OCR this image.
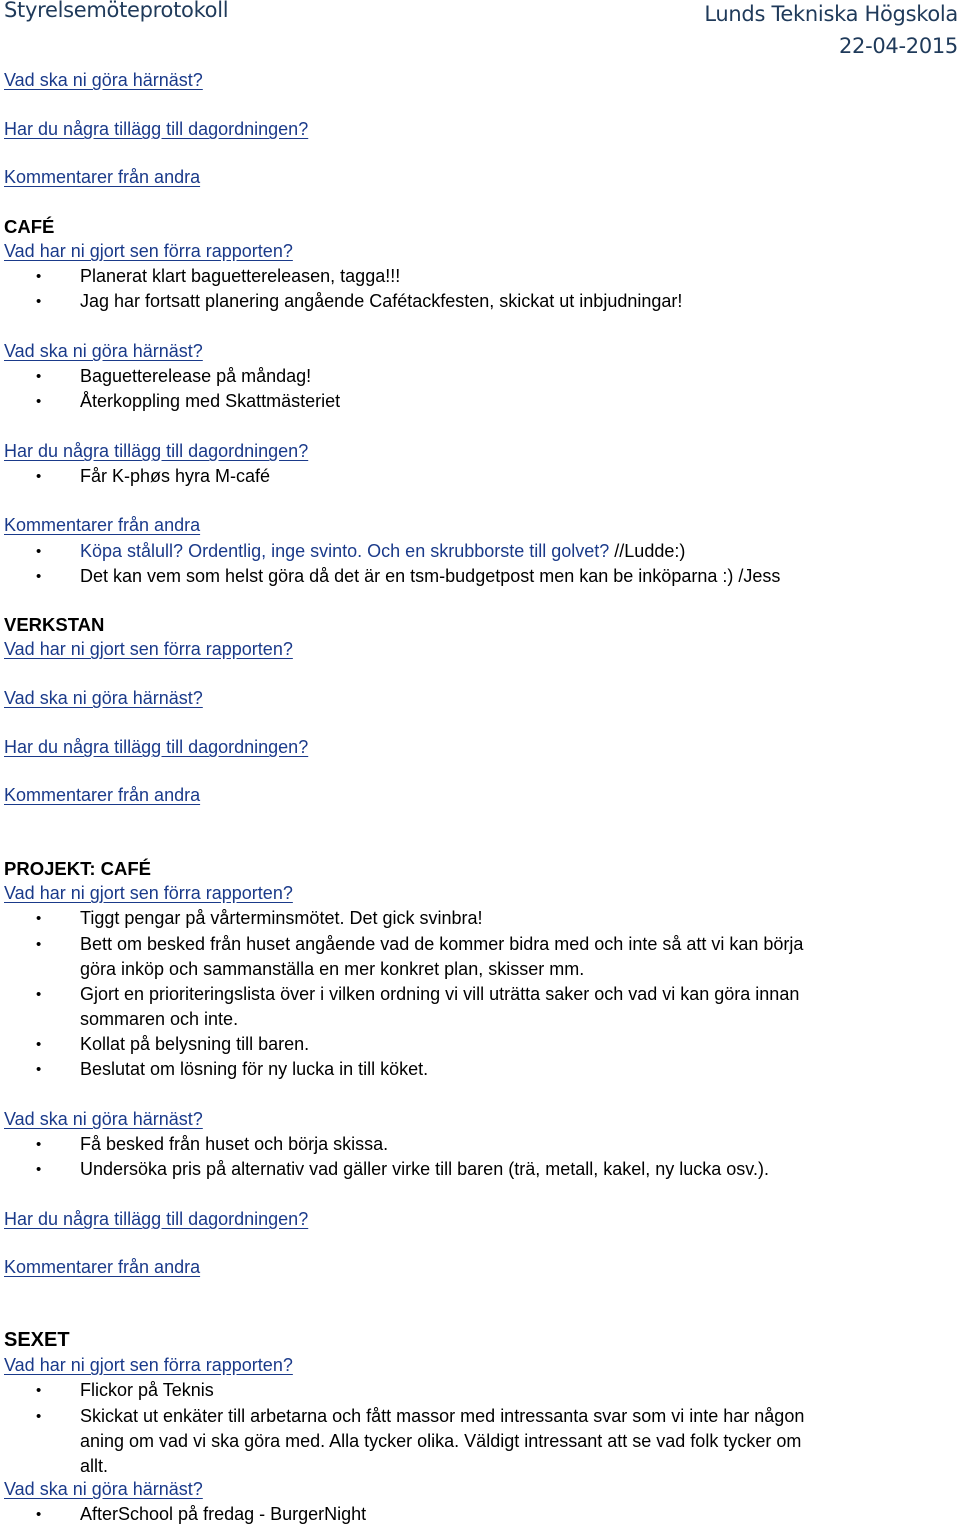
Styrelsemöteprotokoll	Lunds Tekniska Högskola
22-04-2015
Vad ska ni göra härnäst?
Har du några tillägg till dagordningen?
Kommentarer från andra
CAFÉ
Vad har ni gjort sen förra rapporten?
• Planerat klart baguettereleasen, tagga!!!
• Jag har fortsatt planering angående Cafétackfesten, skickat ut inbjudningar!
Vad ska ni göra härnäst?
• Baguetterelease på måndag!
• Återkoppling med Skattmästeriet
Har du några tillägg till dagordningen?
• Får K-phøs hyra M-café
Kommentarer från andra
• Köpa stålull? Ordentlig, inge svinto. Och en skrubborste till golvet? //Ludde:)
• Det kan vem som helst göra då det är en tsm-budgetpost men kan be inköparna :) /Jess
VERKSTAN
Vad har ni gjort sen förra rapporten?
Vad ska ni göra härnäst?
Har du några tillägg till dagordningen?
Kommentarer från andra
PROJEKT: CAFÉ
Vad har ni gjort sen förra rapporten?
• Tiggt pengar på vårterminsmötet. Det gick svinbra!
• Bett om besked från huset angående vad de kommer bidra med och inte så att vi kan börja
göra inköp och sammanställa en mer konkret plan, skisser mm.
• Gjort en prioriteringslista över i vilken ordning vi vill uträtta saker och vad vi kan göra innan
sommaren och inte.
• Kollat på belysning till baren.
• Beslutat om lösning för ny lucka in till köket.
Vad ska ni göra härnäst?
• Få besked från huset och börja skissa.
• Undersöka pris på alternativ vad gäller virke till baren (trä, metall, kakel, ny lucka osv.).
Har du några tillägg till dagordningen?
Kommentarer från andra
SEXET
Vad har ni gjort sen förra rapporten?
• Flickor på Teknis
• Skickat ut enkäter till arbetarna och fått massor med intressanta svar som vi inte har någon
aning om vad vi ska göra med. Alla tycker olika. Väldigt intressant att se vad folk tycker om
allt.
Vad ska ni göra härnäst?
• AfterSchool på fredag - BurgerNight
